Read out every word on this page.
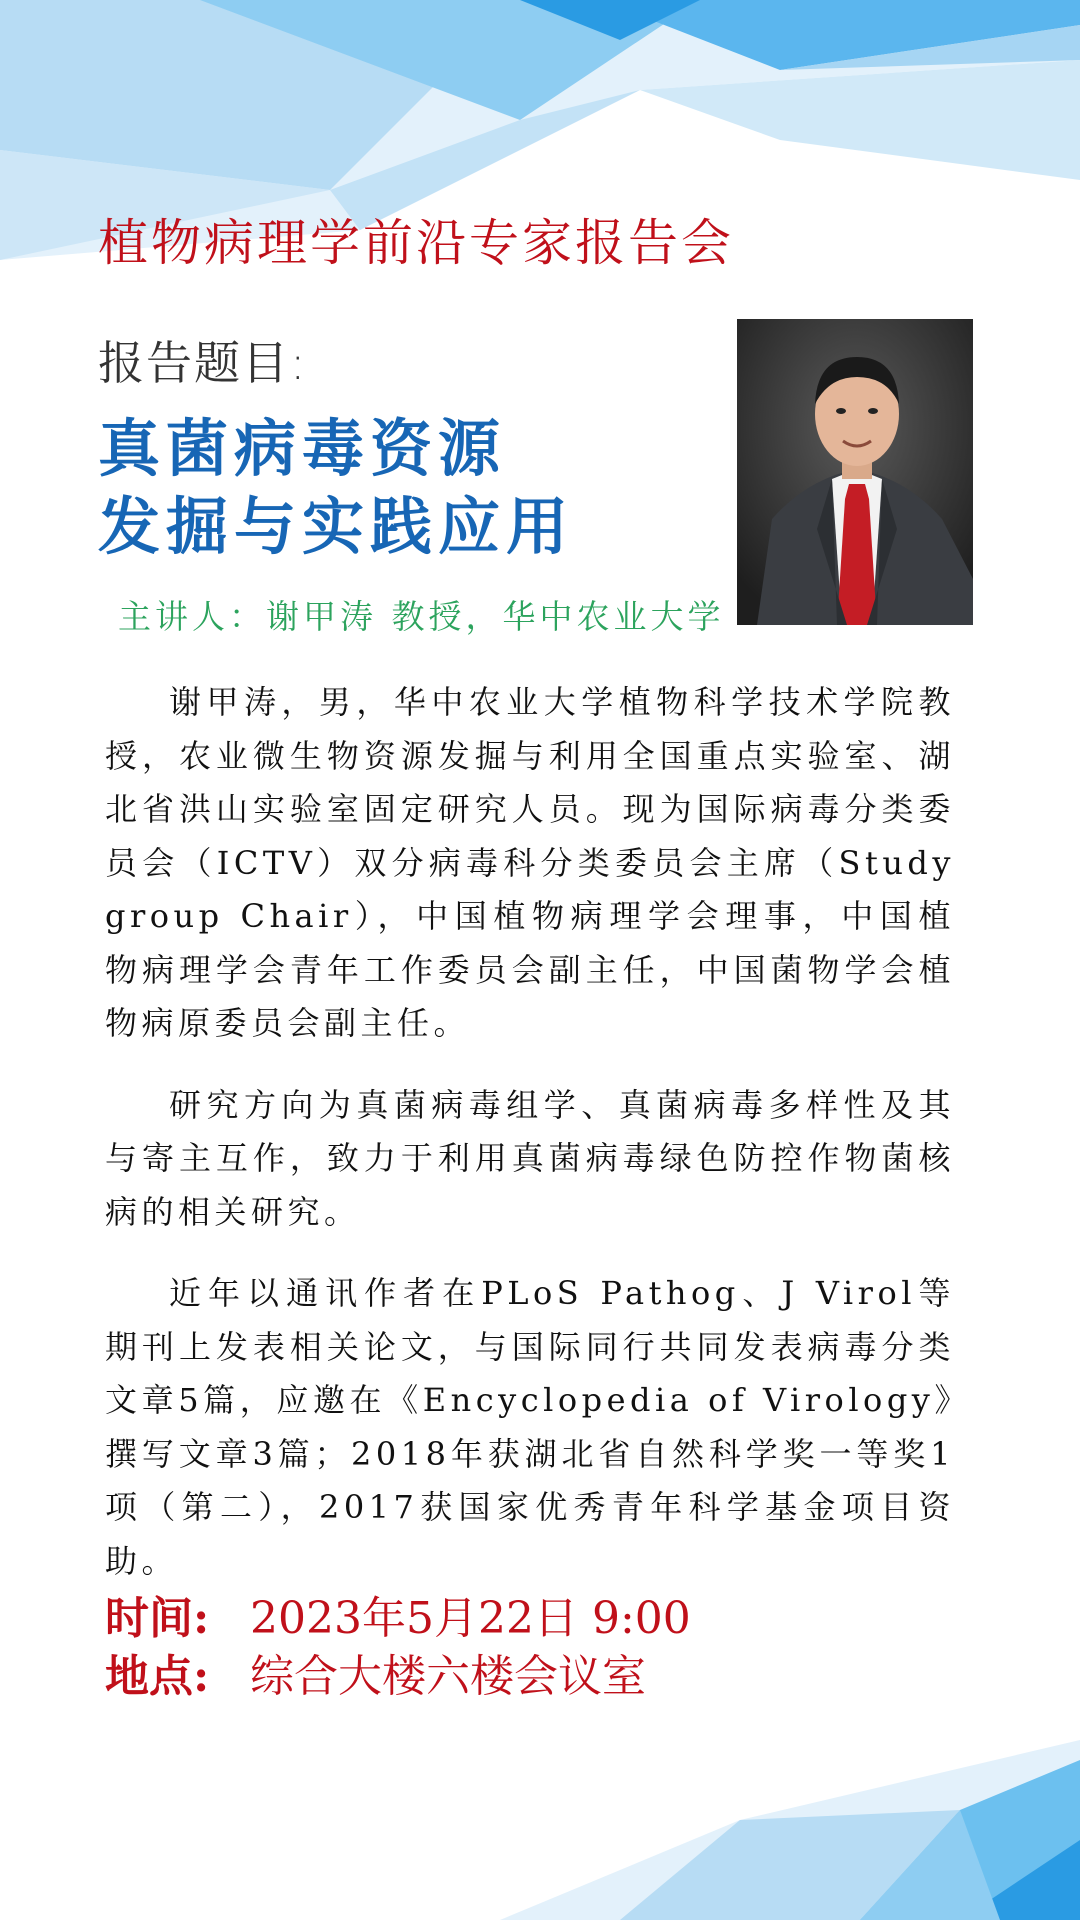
植物病理学前沿专家报告会
报告题目:
真菌病毒资源
发掘与实践应用
主讲人：谢甲涛 教授，华中农业大学

谢甲涛，男，华中农业大学植物科学技术学院教授，农业微生物资源发掘与利用全国重点实验室、湖北省洪山实验室固定研究人员。现为国际病毒分类委员会（ICTV）双分病毒科分类委员会主席（Study group Chair），中国植物病理学会理事，中国植物病理学会青年工作委员会副主任，中国菌物学会植物病原委员会副主任。

研究方向为真菌病毒组学、真菌病毒多样性及其与寄主互作，致力于利用真菌病毒绿色防控作物菌核病的相关研究。

近年以通讯作者在PLoS Pathog、J Virol等期刊上发表相关论文，与国际同行共同发表病毒分类文章5篇，应邀在《Encyclopedia of Virology》撰写文章3篇；2018年获湖北省自然科学奖一等奖1项（第二），2017获国家优秀青年科学基金项目资助。

时间: 2023年5月22日 9:00
地点: 综合大楼六楼会议室
